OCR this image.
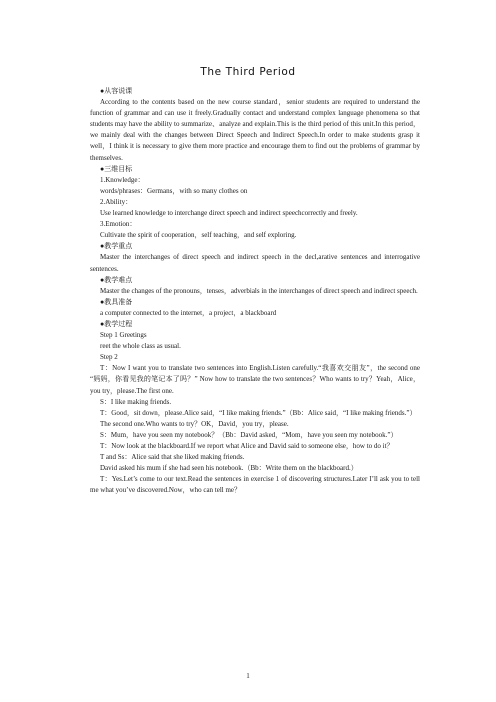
The Third Period

●从容说课

According to the contents based on the new course standard，senior students are required to understand the function of grammar and can use it freely.Gradually contact and understand complex language phenomena so that students may have the ability to summarize、analyze and explain.This is the third period of this unit.In this period，we mainly deal with the changes between Direct Speech and Indirect Speech.In order to make students grasp it well，I think it is necessary to give them more practice and encourage them to find out the problems of grammar by themselves.

●三维目标

1.Knowledge：

words/phrases：Germans，with so many clothes on

2.Ability：

Use learned knowledge to interchange direct speech and indirect speechcorrectly and freely.

3.Emotion：

Cultivate the spirit of cooperation，self teaching，and self exploring.

●教学重点

Master the interchanges of direct speech and indirect speech in the decl,arative sentences and interrogative sentences.

●教学难点

Master the changes of the pronouns，tenses，adverbials in the interchanges of direct speech and indirect speech.

●教具准备

a computer connected to the internet，a project，a blackboard

●教学过程

Step 1 Greetings

reet the whole class as usual.

Step 2

T：Now I want you to translate two sentences into English.Listen carefully.“我喜欢交朋友”，the second one “妈妈，你看见我的笔记本了吗？” Now how to translate the two sentences？Who wants to try？Yeah，Alice，you try，please.The first one.

S：I like making friends.

T：Good，sit down，please.Alice said，“I like making friends.”（Bb：Alice said，“I like making friends.”）

The second one.Who wants to try？OK，David，you try，please.

S：Mum，have you seen my notebook？（Bb：David asked，“Mom，have you seen my notebook.”）

T：Now look at the blackboard.If we report what Alice and David said to someone else，how to do it？

T and Ss：Alice said that she liked making friends.

David asked his mum if she had seen his notebook.（Bb：Write them on the blackboard.）

T：Yes.Let’s come to our text.Read the sentences in exercise 1 of discovering structures.Later I’ll ask you to tell me what you’ve discovered.Now，who can tell me？

1
